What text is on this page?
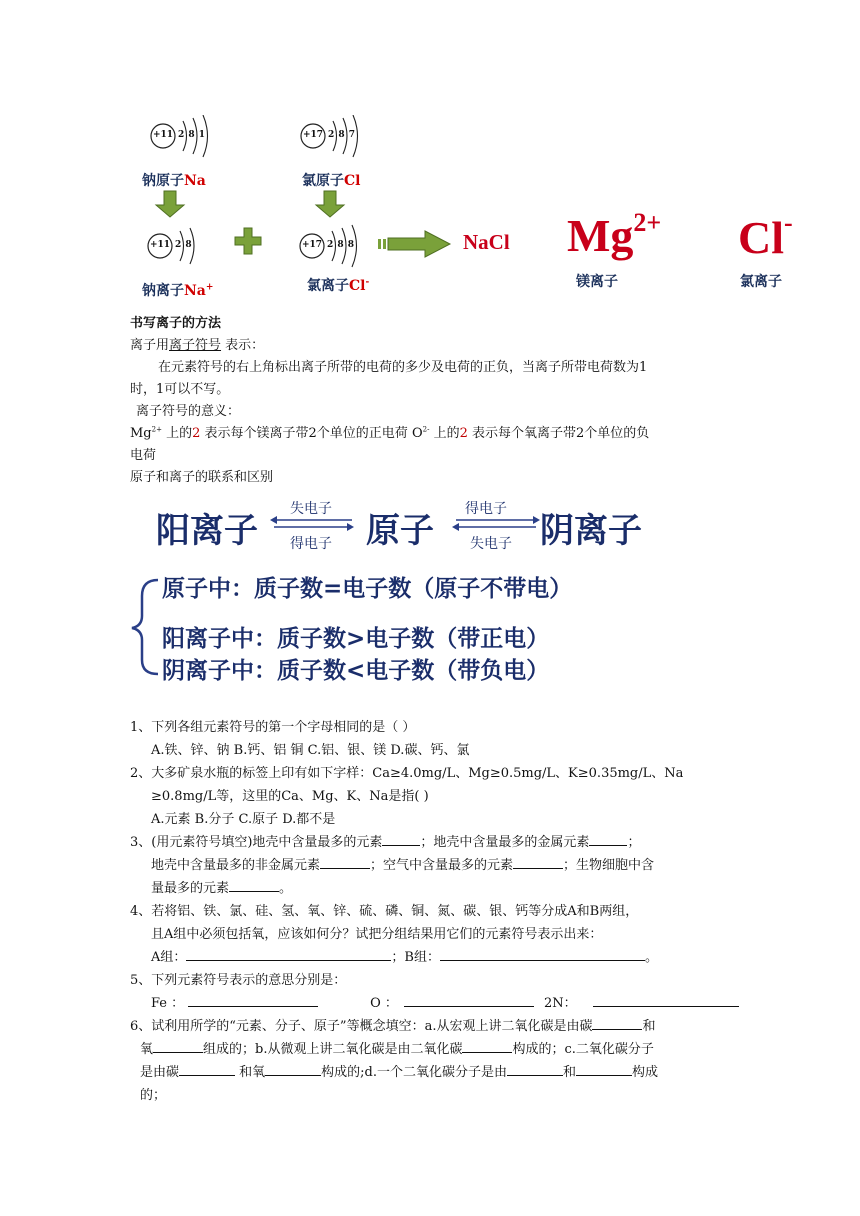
+11 2 8 1	+17 2 8 7
+11 2 8	+17 2 8 8
钠原子Na	氯原子Cl
钠离子Na+	氯离子Cl-
NaCl $Mg^{2+}$
镁离子
Cl-
氯离子
书写离子的方法
离子用离子符号 表示：
在元素符号的右上角标出离子所带的电荷的多少及电荷的正负，当离子所带电荷数为1
时，1可以不写。
离子符号的意义：
$Mg^{2+}$ 上的2 表示每个镁离子带2个单位的正电荷 $O^{2-}$ 上的2 表示每个氧离子带2个单位的负
电荷
原子和离子的联系和区别
阳离子	原子	阴离子
失电子
得电子
得电子
失电子
原子中：质子数=电子数（原子不带电）
阳离子中：质子数>电子数（带正电）
阴离子中：质子数<电子数（带负电）
1、下列各组元素符号的第一个字母相同的是（ ）
A.铁、锌、钠 B.钙、铝 铜 C.铝、银、镁 D.碳、钙、氯
2、大多矿泉水瓶的标签上印有如下字样：Ca≥4.0mg/L、Mg≥0.5mg/L、K≥0.35mg/L、Na
≥0.8mg/L等，这里的Ca、Mg、K、Na是指( )
A.元素 B.分子 C.原子 D.都不是
3、(用元素符号填空)地壳中含量最多的元素	；地壳中含量最多的金属元素	；
地壳中含量最多的非金属元素	；空气中含量最多的元素	；生物细胞中含
量最多的元素	。
4、若将铝、铁、氯、硅、氢、氧、锌、硫、磷、铜、氮、碳、银、钙等分成A和B两组，
且A组中必须包括氧，应该如何分？试把分组结果用它们的元素符号表示出来：
A组：	；B组：	。
5、下列元素符号表示的意思分别是：
Fe ：	O ：	2N：
6、试利用所学的“元素、分子、原子”等概念填空：a.从宏观上讲二氧化碳是由碳	和
氧	组成的；b.从微观上讲二氧化碳是由二氧化碳	构成的；c.二氧化碳分子
是由碳	和氧	构成的;d.一个二氧化碳分子是由	和	构成
的；
